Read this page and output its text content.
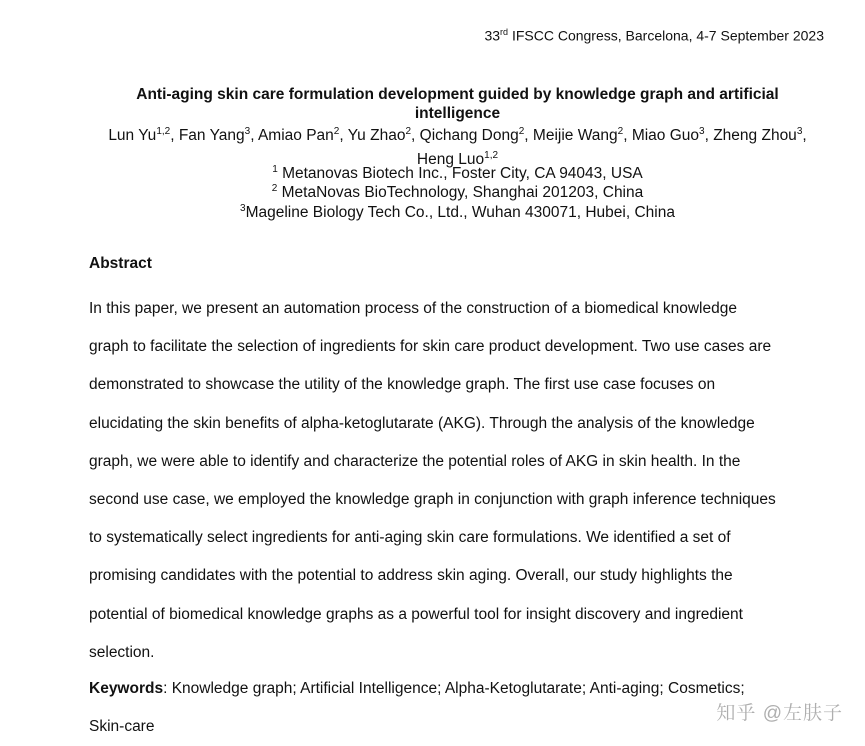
33rd IFSCC Congress, Barcelona, 4-7 September 2023
Anti-aging skin care formulation development guided by knowledge graph and artificial intelligence
Lun Yu$^{1,2}$, Fan Yang$^3$, Amiao Pan$^2$, Yu Zhao$^2$, Qichang Dong$^2$, Meijie Wang$^2$, Miao Guo$^3$, Zheng Zhou$^3$, Heng Luo$^{1,2}$
$^1$ Metanovas Biotech Inc., Foster City, CA 94043, USA
$^2$ MetaNovas BioTechnology, Shanghai 201203, China
$^3$Mageline Biology Tech Co., Ltd., Wuhan 430071, Hubei, China
Abstract
In this paper, we present an automation process of the construction of a biomedical knowledge
graph to facilitate the selection of ingredients for skin care product development. Two use cases are
demonstrated to showcase the utility of the knowledge graph. The first use case focuses on
elucidating the skin benefits of alpha-ketoglutarate (AKG). Through the analysis of the knowledge
graph, we were able to identify and characterize the potential roles of AKG in skin health. In the
second use case, we employed the knowledge graph in conjunction with graph inference techniques
to systematically select ingredients for anti-aging skin care formulations. We identified a set of
promising candidates with the potential to address skin aging. Overall, our study highlights the
potential of biomedical knowledge graphs as a powerful tool for insight discovery and ingredient
selection.
Keywords: Knowledge graph; Artificial Intelligence; Alpha-Ketoglutarate; Anti-aging; Cosmetics;
Skin-care
知乎 @左肤子
